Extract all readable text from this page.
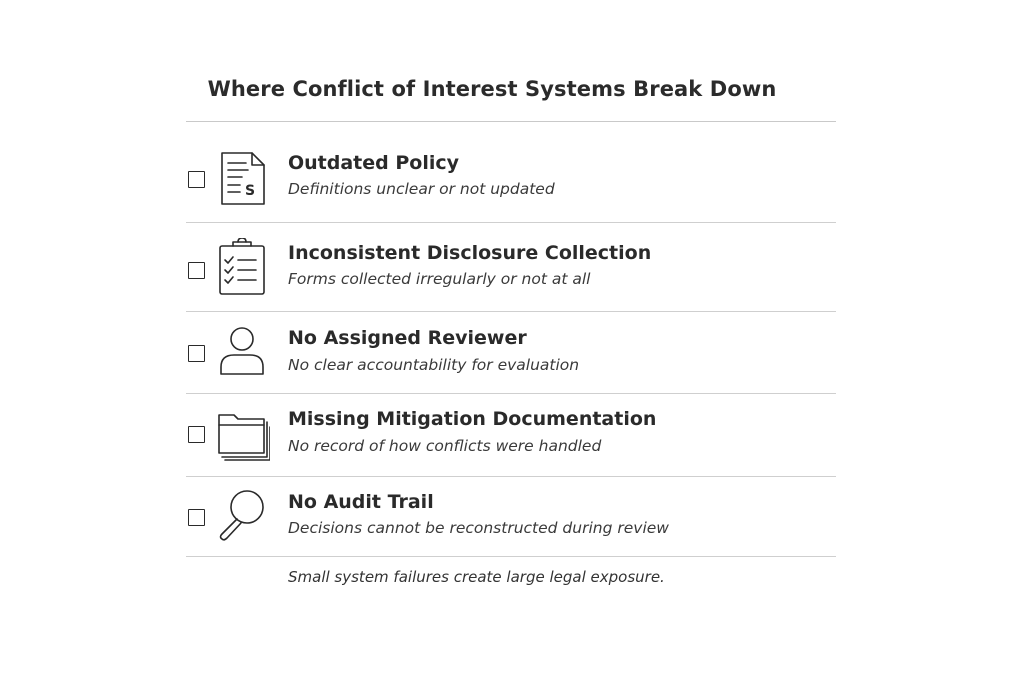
Where Conflict of Interest Systems Break Down
S
Outdated Policy
Definitions unclear or not updated
Inconsistent Disclosure Collection
Forms collected irregularly or not at all
No Assigned Reviewer
No clear accountability for evaluation
Missing Mitigation Documentation
No record of how conflicts were handled
No Audit Trail
Decisions cannot be reconstructed during review
Small system failures create large legal exposure.
